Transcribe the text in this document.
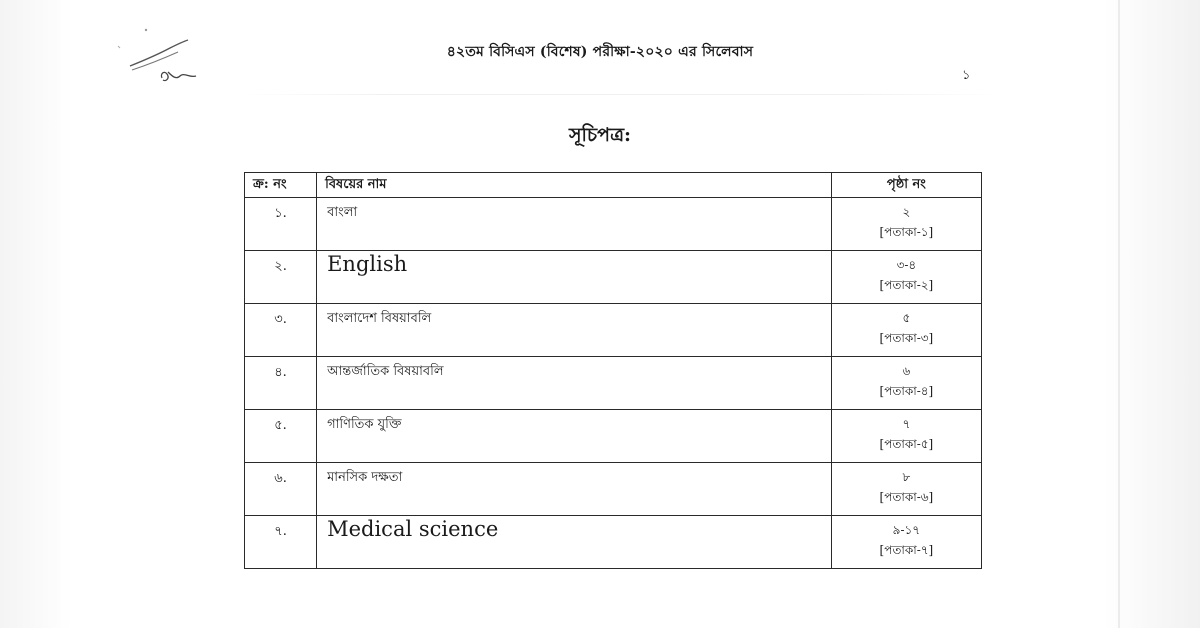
৪২তম বিসিএস (বিশেষ) পরীক্ষা-২০২০ এর সিলেবাস
১
সূচিপত্র:
ক্র: নং	বিষয়ের নাম	পৃষ্ঠা নং

১.	বাংলা	২
[পতাকা-১]

২.	English	৩-৪
[পতাকা-২]

৩.	বাংলাদেশ বিষয়াবলি	৫
[পতাকা-৩]

৪.	আন্তর্জাতিক বিষয়াবলি	৬
[পতাকা-৪]

৫.	গাণিতিক যুক্তি	৭
[পতাকা-৫]

৬.	মানসিক দক্ষতা	৮
[পতাকা-৬]

৭.	Medical science	৯-১৭
[পতাকা-৭]
